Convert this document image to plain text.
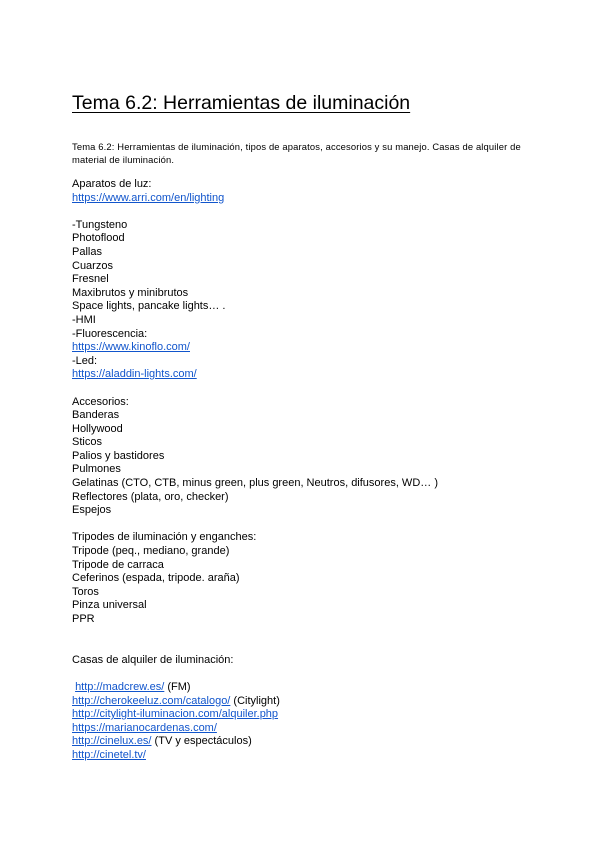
Tema 6.2: Herramientas de iluminación
Tema 6.2: Herramientas de iluminación, tipos de aparatos, accesorios y su manejo. Casas de alquiler de material de iluminación.
Aparatos de luz:
https://www.arri.com/en/lighting
-Tungsteno
Photoflood
Pallas
Cuarzos
Fresnel
Maxibrutos y minibrutos
Space lights, pancake lights… .
-HMI
-Fluorescencia:
https://www.kinoflo.com/
-Led:
https://aladdin-lights.com/
Accesorios:
Banderas
Hollywood
Sticos
Palios y bastidores
Pulmones
Gelatinas (CTO, CTB, minus green, plus green, Neutros, difusores, WD… )
Reflectores (plata, oro, checker)
Espejos
Tripodes de iluminación y enganches:
Tripode (peq., mediano, grande)
Tripode de carraca
Ceferinos (espada, tripode. araña)
Toros
Pinza universal
PPR
Casas de alquiler de iluminación:
http://madcrew.es/ (FM)
http://cherokeeluz.com/catalogo/ (Citylight)
http://citylight-iluminacion.com/alquiler.php
https://marianocardenas.com/
http://cinelux.es/ (TV y espectáculos)
http://cinetel.tv/
